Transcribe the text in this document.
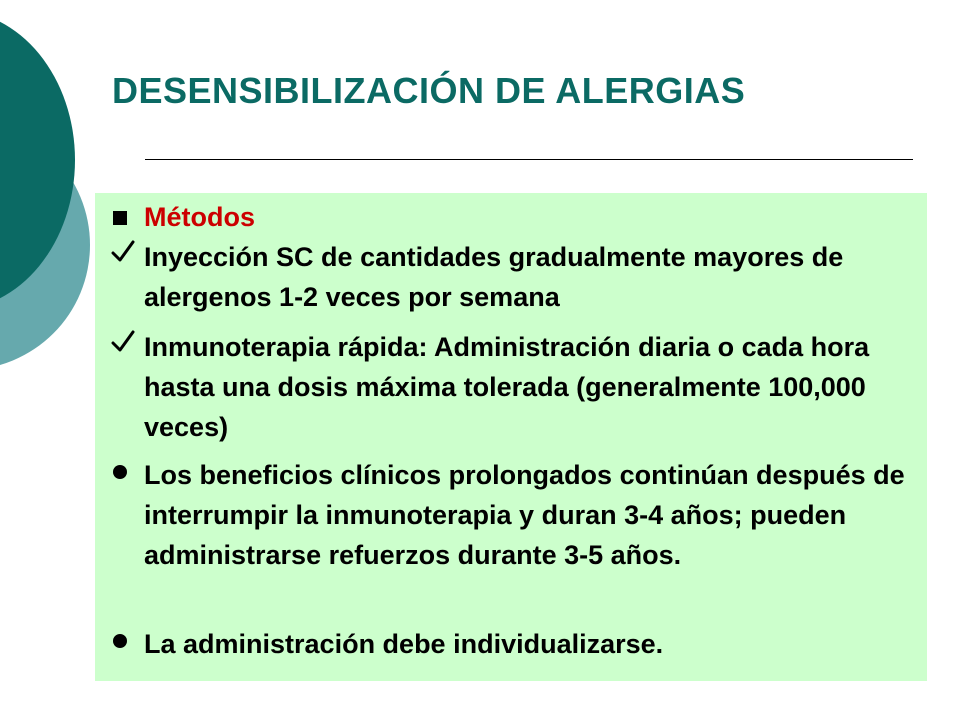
DESENSIBILIZACIÓN DE ALERGIAS
Métodos
Inyección SC de cantidades gradualmente mayores de alergenos 1-2 veces por semana
Inmunoterapia rápida: Administración diaria o cada hora hasta una dosis máxima tolerada (generalmente 100,000 veces)
Los beneficios clínicos prolongados continúan después de interrumpir la inmunoterapia y duran 3-4 años; pueden administrarse refuerzos durante 3-5 años.
La administración debe individualizarse.
